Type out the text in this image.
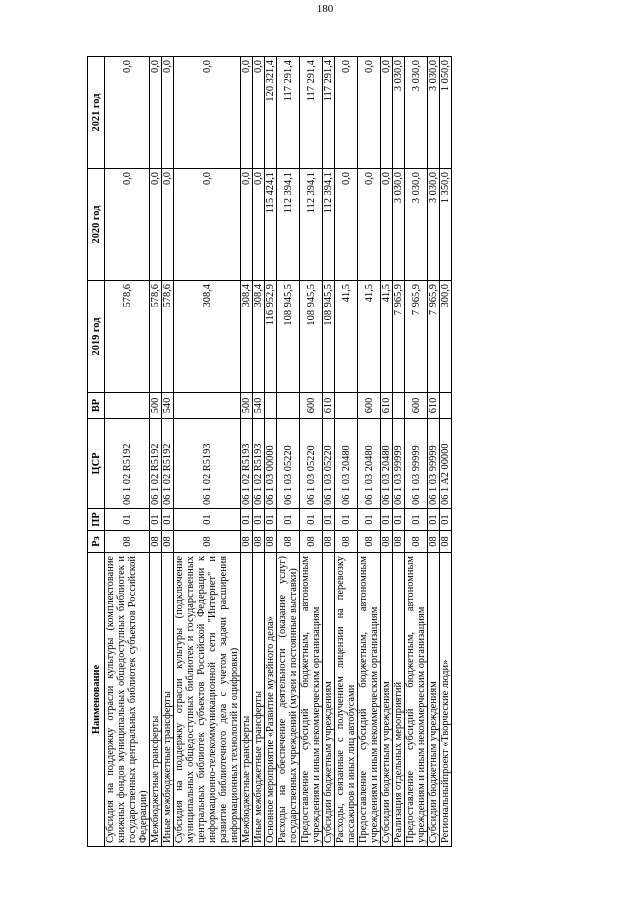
180
Наименование	Рз	ПР	ЦСР	ВР	2019 год	2020 год	2021 год
Субсидия на поддержку отрасли культуры (комплектование книжных фондов муниципальных общедоступных библиотек и государственных центральных библиотек субъектов Российской Федерации)	08	01	06 1 02 R5192		578,6	0,0	0,0
Межбюджетные трансферты	08	01	06 1 02 R5192	500	578,6	0,0	0,0
Иные межбюджетные трансферты	08	01	06 1 02 R5192	540	578,6	0,0	0,0
Субсидия на поддержку отрасли культуры (подключение муниципальных общедоступных библиотек и государственных центральных библиотек субъектов Российской Федерации к информационно-телекоммуникационной сети "Интернет" и развитие библиотечного дела с учетом задачи расширения информационных технологий и оцифровки)	08	01	06 1 02 R5193		308,4	0,0	0,0
Межбюджетные трансферты	08	01	06 1 02 R5193	500	308,4	0,0	0,0
Иные межбюджетные трансферты	08	01	06 1 02 R5193	540	308,4	0,0	0,0
Основное мероприятие «Развитие музейного дела»	08	01	06 1 03 00000		116 952,9	115 424,1	120 321,4
Расходы на обеспечение деятельности (оказание услуг) государственных учреждений (музеи и постоянные выставки)	08	01	06 1 03 05220		108 945,5	112 394,1	117 291,4
Предоставление субсидий бюджетным, автономным учреждениям и иным некоммерческим организациям	08	01	06 1 03 05220	600	108 945,5	112 394,1	117 291,4
Субсидии бюджетным учреждениям	08	01	06 1 03 05220	610	108 945,5	112 394,1	117 291,4
Расходы, связанные с получением лицензии на перевозку пассажиров и иных лиц автобусами	08	01	06 1 03 20480		41,5	0,0	0,0
Предоставление субсидий бюджетным, автономным учреждениям и иным некоммерческим организациям	08	01	06 1 03 20480	600	41,5	0,0	0,0
Субсидии бюджетным учреждениям	08	01	06 1 03 20480	610	41,5	0,0	0,0
Реализация отдельных мероприятий	08	01	06 1 03 99999		7 965,9	3 030,0	3 030,0
Предоставление субсидий бюджетным, автономным учреждениям и иным некоммерческим организациям	08	01	06 1 03 99999	600	7 965,9	3 030,0	3 030,0
Субсидии бюджетным учреждениям	08	01	06 1 03 99999	610	7 965,9	3 030,0	3 030,0
Региональныйпроект «Творческие люди»	08	01	06 1 A2 00000		300,0	1 350,0	1 050,0
